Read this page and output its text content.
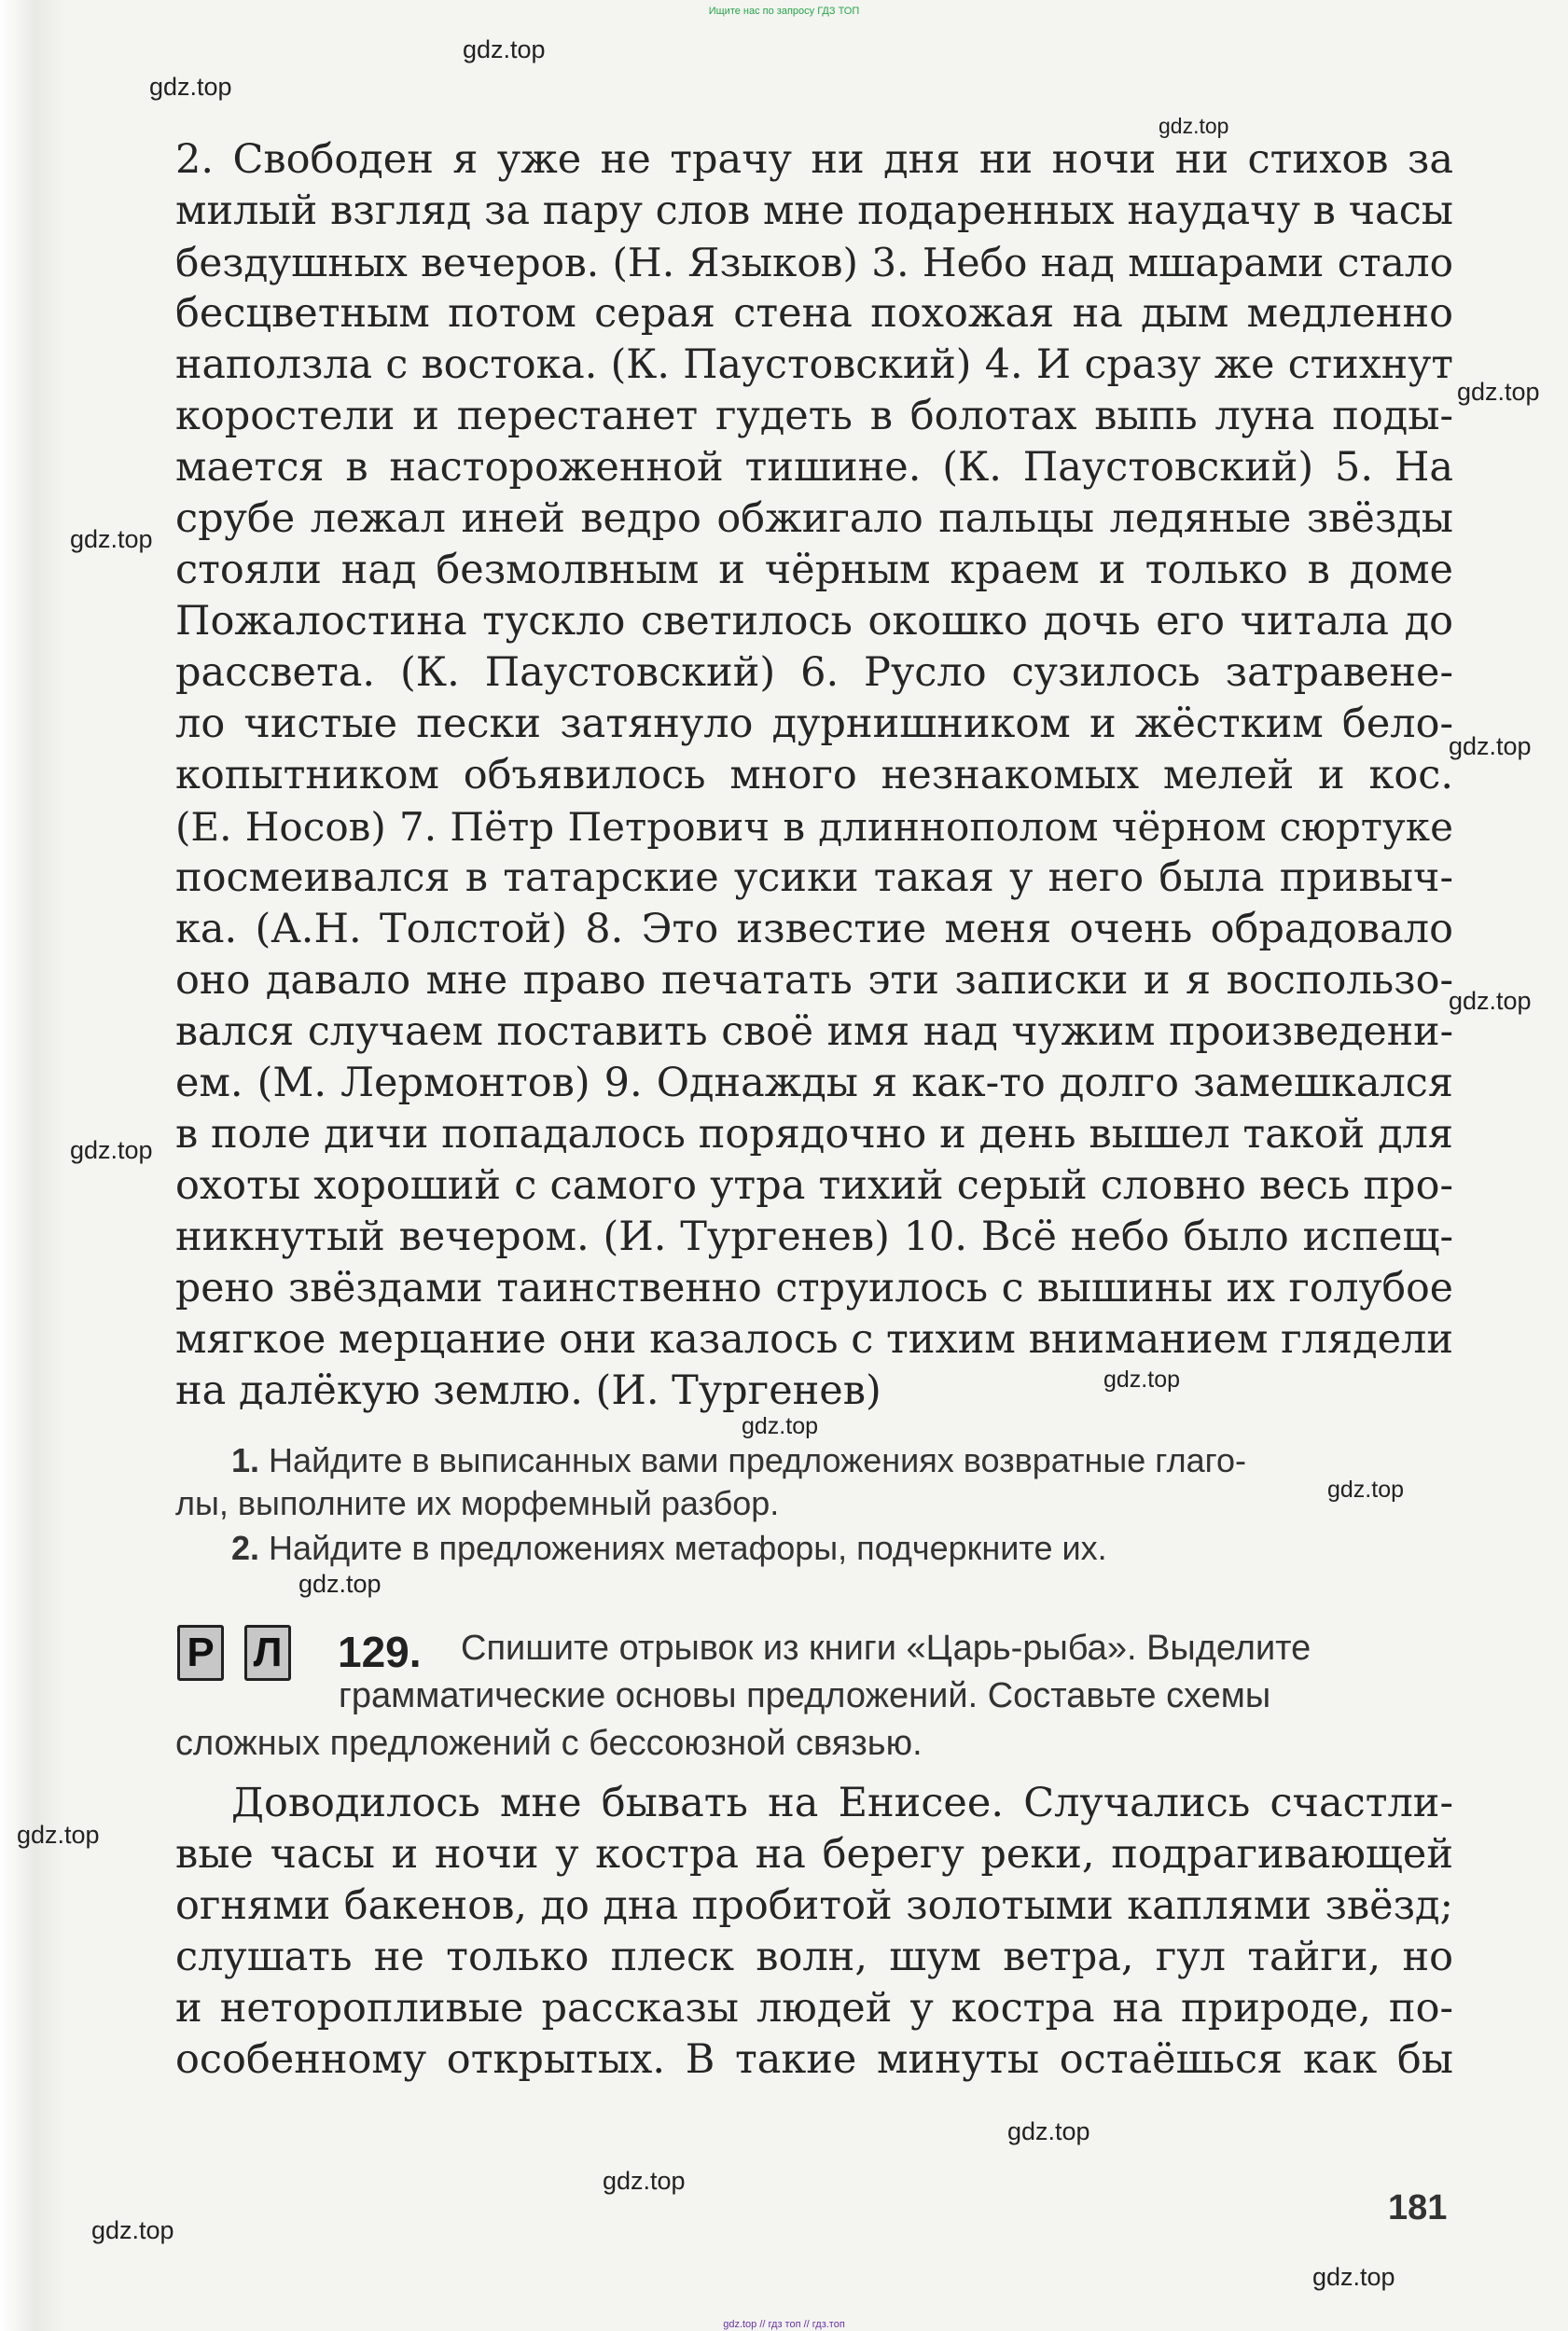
Ищите нас по запросу ГДЗ ТОП
2. Свободен я уже не трачу ни дня ни ночи ни стихов за
милый взгляд за пару слов мне подаренных наудачу в часы
бездушных вечеров. (Н. Языков) 3. Небо над мшарами стало
бесцветным потом серая стена похожая на дым медленно
наползла с востока. (К. Паустовский) 4. И сразу же стихнут
коростели и перестанет гудеть в болотах выпь луна поды-
мается в настороженной тишине. (К. Паустовский) 5. На
срубе лежал иней ведро обжигало пальцы ледяные звёзды
стояли над безмолвным и чёрным краем и только в доме
Пожалостина тускло светилось окошко дочь его читала до
рассвета. (К. Паустовский) 6. Русло сузилось затравене-
ло чистые пески затянуло дурнишником и жёстким бело-
копытником объявилось много незнакомых мелей и кос.
(Е. Носов) 7. Пётр Петрович в длиннополом чёрном сюртуке
посмеивался в татарские усики такая у него была привыч-
ка. (А.Н. Толстой) 8. Это известие меня очень обрадовало
оно давало мне право печатать эти записки и я воспользо-
вался случаем поставить своё имя над чужим произведени-
ем. (М. Лермонтов) 9. Однажды я как-то долго замешкался
в поле дичи попадалось порядочно и день вышел такой для
охоты хороший с самого утра тихий серый словно весь про-
никнутый вечером. (И. Тургенев) 10. Всё небо было испещ-
рено звёздами таинственно струилось с вышины их голубое
мягкое мерцание они казалось с тихим вниманием глядели
на далёкую землю. (И. Тургенев)
1. Найдите в выписанных вами предложениях возвратные глаго-
лы, выполните их морфемный разбор.
2. Найдите в предложениях метафоры, подчеркните их.
Р Л 129.	Спишите отрывок из книги «Царь-рыба». Выделите
грамматические основы предложений. Составьте схемы
сложных предложений с бессоюзной связью.
Доводилось мне бывать на Енисее. Случались счастли-
вые часы и ночи у костра на берегу реки, подрагивающей
огнями бакенов, до дна пробитой золотыми каплями звёзд;
слушать не только плеск волн, шум ветра, гул тайги, но
и неторопливые рассказы людей у костра на природе, по-
особенному открытых. В такие минуты остаёшься как бы
181
gdz.top
gdz.top
gdz.top
gdz.top
gdz.top
gdz.top
gdz.top
gdz.top
gdz.top
gdz.top
gdz.top
gdz.top
gdz.top
gdz.top
gdz.top
gdz.top
gdz.top
gdz.top // гдз топ // гдз.топ
